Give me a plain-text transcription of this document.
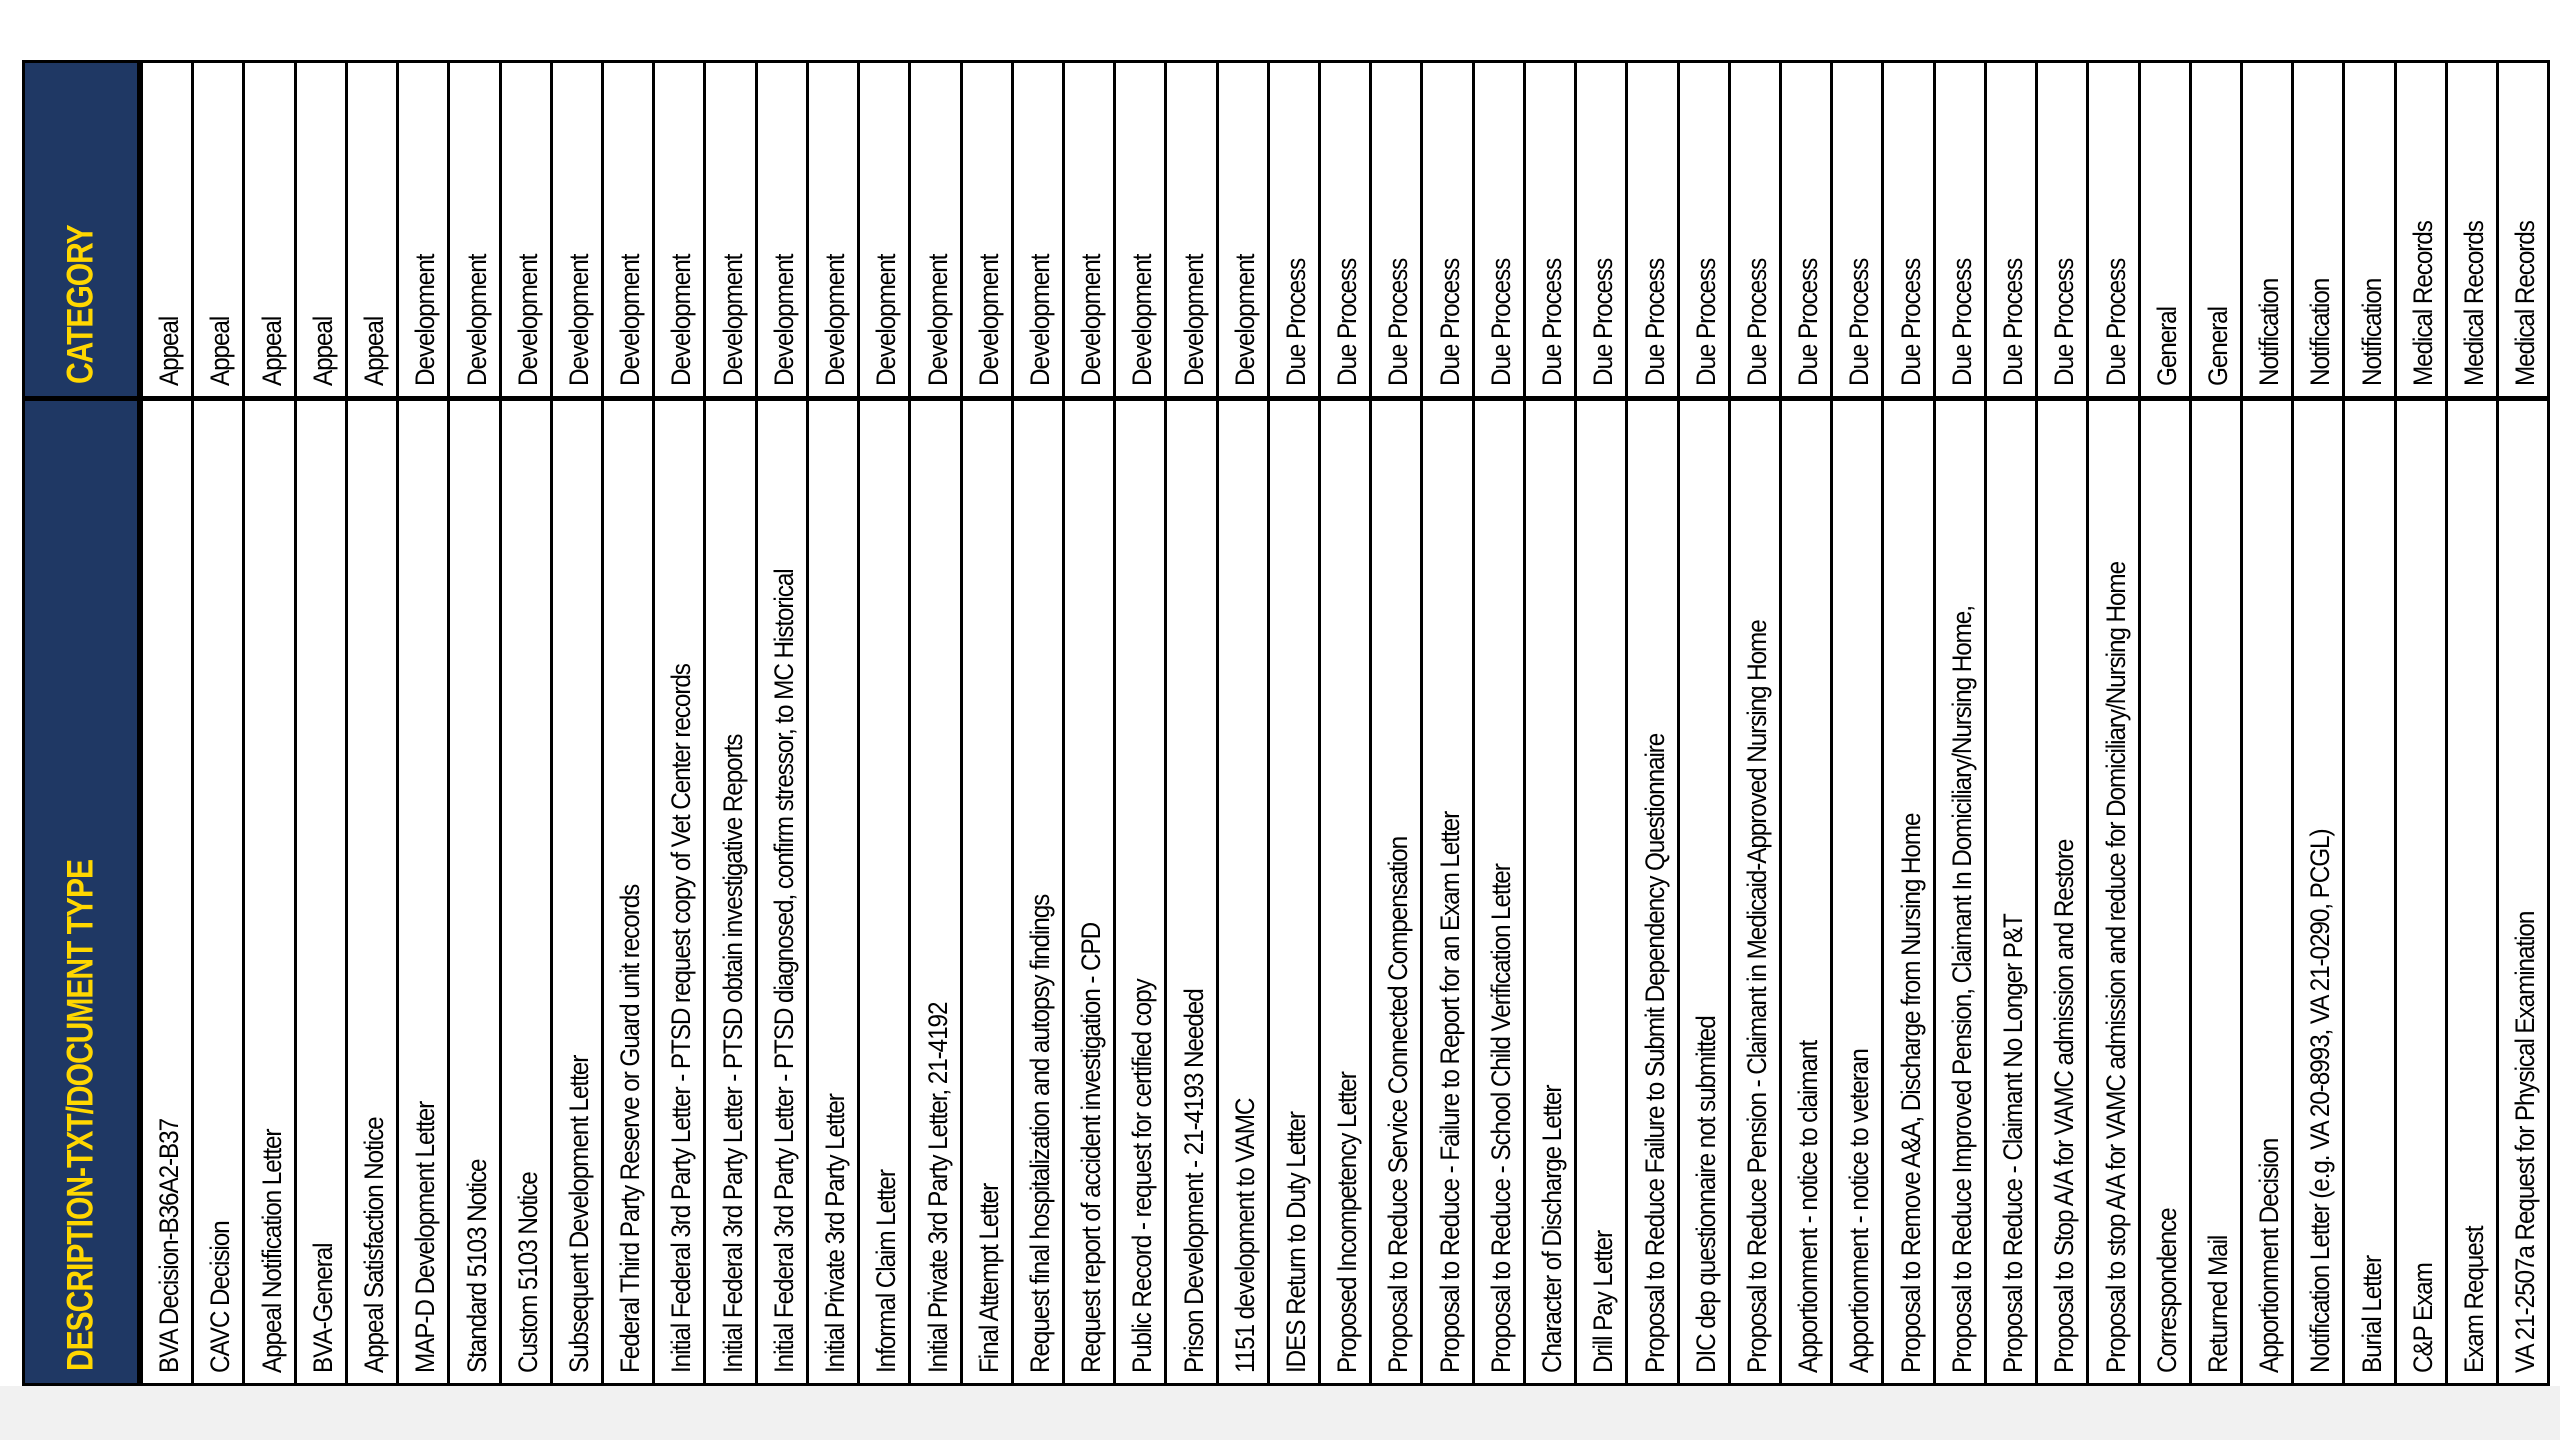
DESCRIPTION-TXT/DOCUMENT TYPE
CATEGORY
BVA Decision-B36A2-B37
Appeal
CAVC Decision
Appeal
Appeal Notification Letter
Appeal
BVA-General
Appeal
Appeal Satisfaction Notice
Appeal
MAP-D Development Letter
Development
Standard 5103 Notice
Development
Custom 5103 Notice
Development
Subsequent Development Letter
Development
Federal Third Party Reserve or Guard unit records
Development
Initial Federal 3rd Party Letter - PTSD request copy of Vet Center records
Development
Initial Federal 3rd Party Letter - PTSD obtain investigative Reports
Development
Initial Federal 3rd Party Letter - PTSD diagnosed, confirm stressor, to MC Historical
Development
Initial Private 3rd Party Letter
Development
Informal Claim Letter
Development
Initial Private 3rd Party Letter, 21-4192
Development
Final Attempt Letter
Development
Request final hospitalization and autopsy findings
Development
Request report of accident investigation - CPD
Development
Public Record - request for certified copy
Development
Prison Development - 21-4193 Needed
Development
1151 development to VAMC
Development
IDES Return to Duty Letter
Due Process
Proposed Incompetency Letter
Due Process
Proposal to Reduce Service Connected Compensation
Due Process
Proposal to Reduce - Failure to Report for an Exam Letter
Due Process
Proposal to Reduce - School Child Verification Letter
Due Process
Character of Discharge Letter
Due Process
Drill Pay Letter
Due Process
Proposal to Reduce Failure to Submit Dependency Questionnaire
Due Process
DIC dep questionnaire not submitted
Due Process
Proposal to Reduce Pension - Claimant in Medicaid-Approved Nursing Home
Due Process
Apportionment - notice to claimant
Due Process
Apportionment - notice to veteran
Due Process
Proposal to Remove A&A, Discharge from Nursing Home
Due Process
Proposal to Reduce Improved Pension, Claimant In Domiciliary/Nursing Home,
Due Process
Proposal to Reduce - Claimant No Longer P&T
Due Process
Proposal to Stop A/A for VAMC admission and Restore
Due Process
Proposal to stop A/A for VAMC admission and reduce for Domiciliary/Nursing Home
Due Process
Correspondence
General
Returned Mail
General
Apportionment Decision
Notification
Notification Letter (e.g. VA 20-8993, VA 21-0290, PCGL)
Notification
Burial Letter
Notification
C&P Exam
Medical Records
Exam Request
Medical Records
VA 21-2507a Request for Physical Examination
Medical Records
